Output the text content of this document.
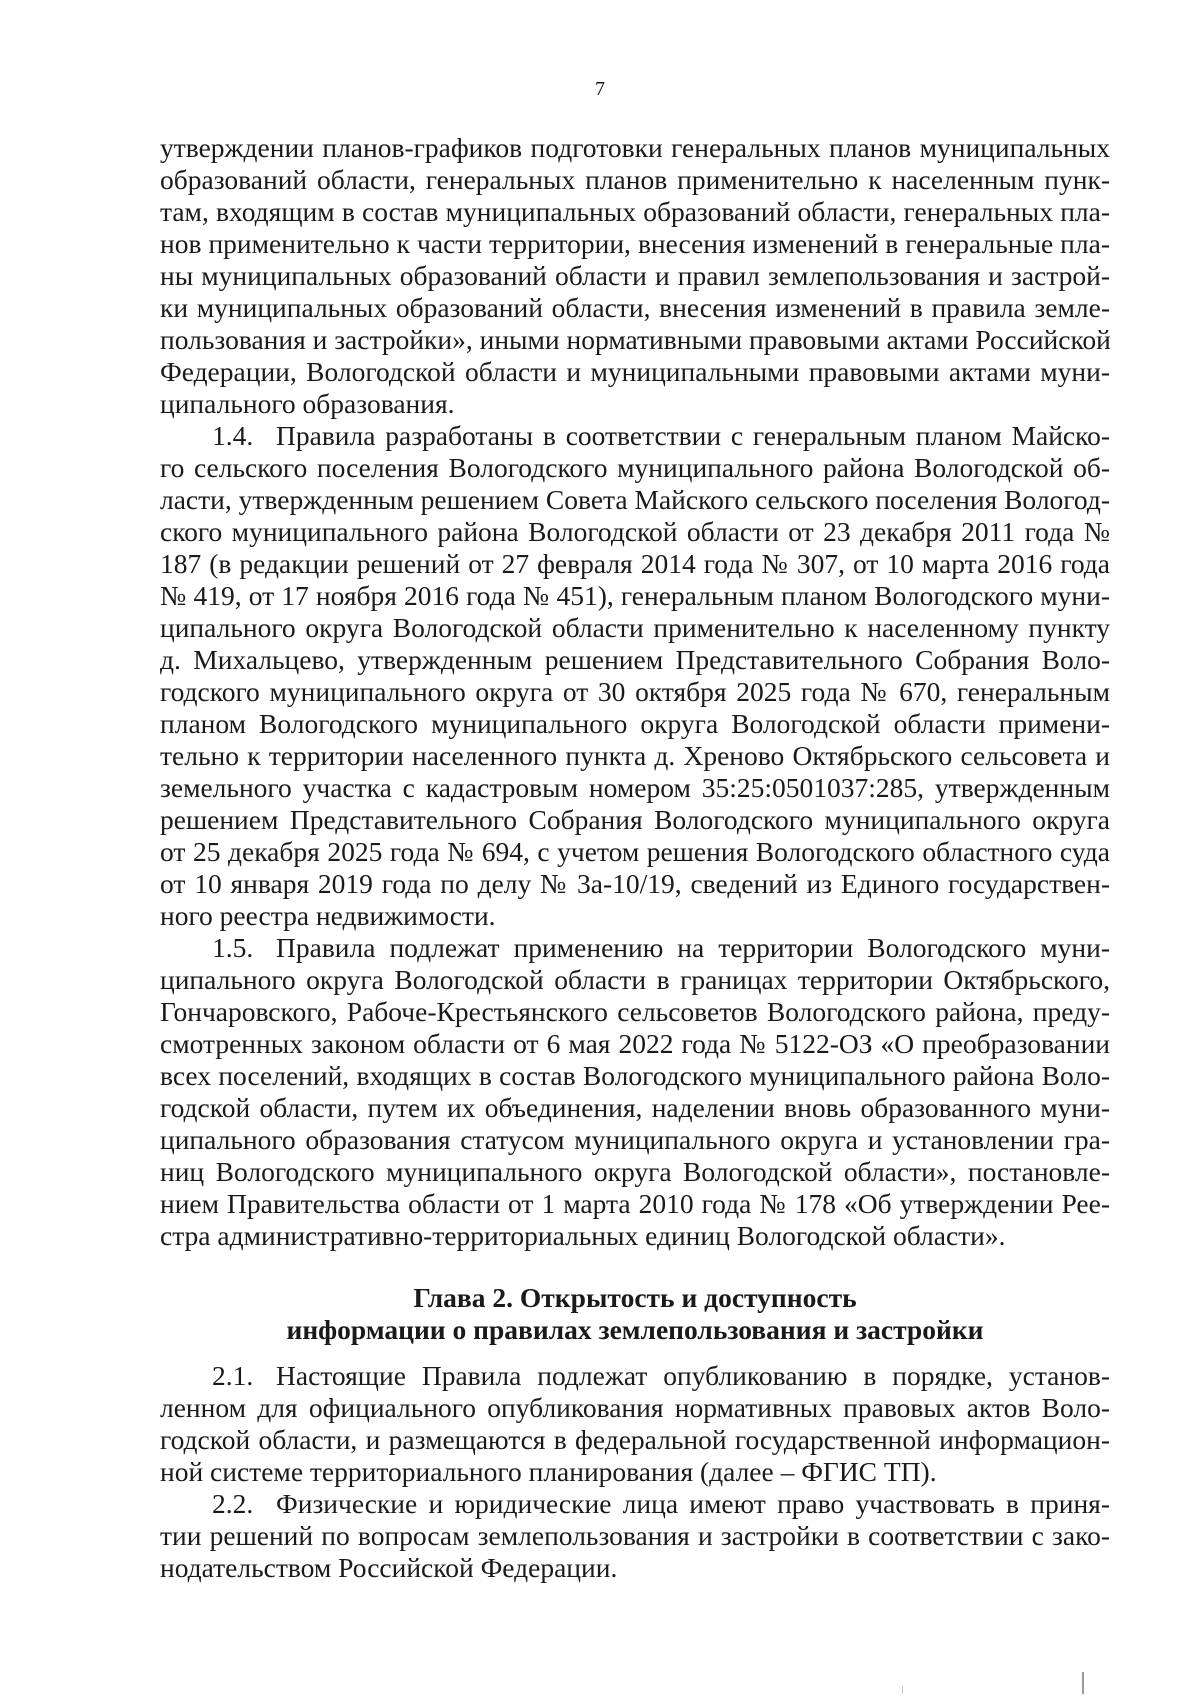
7
утверждении планов-графиков подготовки генеральных планов муниципальных
образований области, генеральных планов применительно к населенным пунк-
там, входящим в состав муниципальных образований области, генеральных пла-
нов применительно к части территории, внесения изменений в генеральные пла-
ны муниципальных образований области и правил землепользования и застрой-
ки муниципальных образований области, внесения изменений в правила земле-
пользования и застройки», иными нормативными правовыми актами Российской
Федерации, Вологодской области и муниципальными правовыми актами муни-
ципального образования.
1.4. Правила разработаны в соответствии с генеральным планом Майско-
го сельского поселения Вологодского муниципального района Вологодской об-
ласти, утвержденным решением Совета Майского сельского поселения Вологод-
ского муниципального района Вологодской области от 23 декабря 2011 года №
187 (в редакции решений от 27 февраля 2014 года № 307, от 10 марта 2016 года
№ 419, от 17 ноября 2016 года № 451), генеральным планом Вологодского муни-
ципального округа Вологодской области применительно к населенному пункту
д. Михальцево, утвержденным решением Представительного Собрания Воло-
годского муниципального округа от 30 октября 2025 года № 670, генеральным
планом Вологодского муниципального округа Вологодской области примени-
тельно к территории населенного пункта д. Хреново Октябрьского сельсовета и
земельного участка с кадастровым номером 35:25:0501037:285, утвержденным
решением Представительного Собрания Вологодского муниципального округа
от 25 декабря 2025 года № 694, с учетом решения Вологодского областного суда
от 10 января 2019 года по делу № 3а-10/19, сведений из Единого государствен-
ного реестра недвижимости.
1.5. Правила подлежат применению на территории Вологодского муни-
ципального округа Вологодской области в границах территории Октябрьского,
Гончаровского, Рабоче-Крестьянского сельсоветов Вологодского района, преду-
смотренных законом области от 6 мая 2022 года № 5122-ОЗ «О преобразовании
всех поселений, входящих в состав Вологодского муниципального района Воло-
годской области, путем их объединения, наделении вновь образованного муни-
ципального образования статусом муниципального округа и установлении гра-
ниц Вологодского муниципального округа Вологодской области», постановле-
нием Правительства области от 1 марта 2010 года № 178 «Об утверждении Рее-
стра административно-территориальных единиц Вологодской области».
Глава 2. Открытость и доступность
информации о правилах землепользования и застройки
2.1. Настоящие Правила подлежат опубликованию в порядке, установ-
ленном для официального опубликования нормативных правовых актов Воло-
годской области, и размещаются в федеральной государственной информацион-
ной системе территориального планирования (далее – ФГИС ТП).
2.2. Физические и юридические лица имеют право участвовать в приня-
тии решений по вопросам землепользования и застройки в соответствии с зако-
нодательством Российской Федерации.
